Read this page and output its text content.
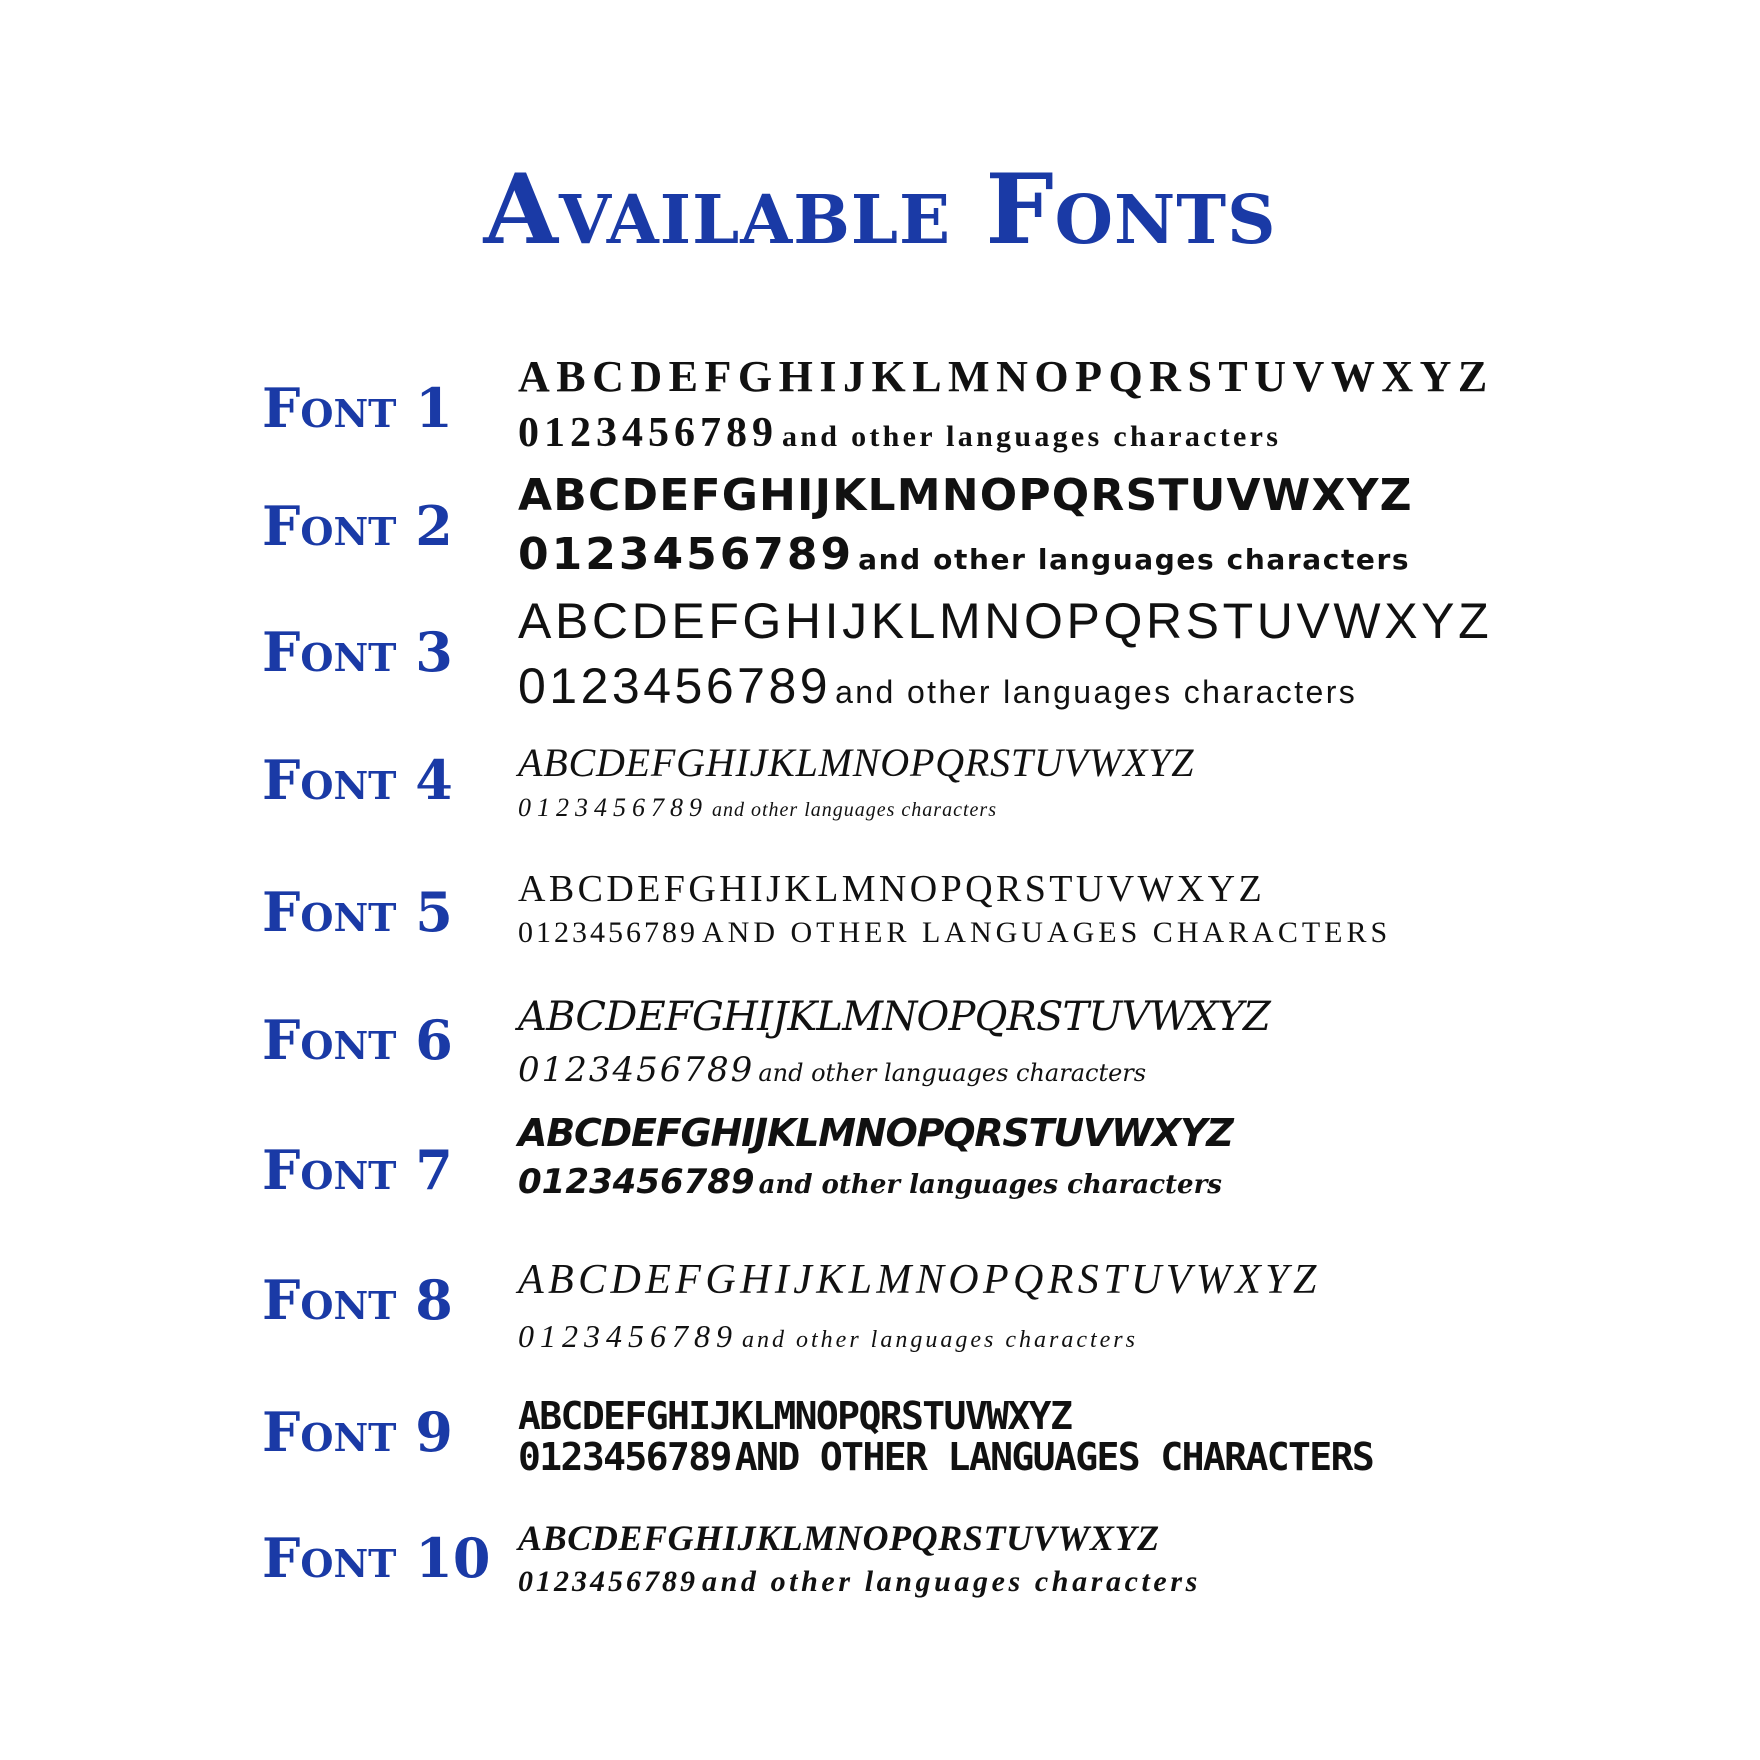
Available Fonts
Font 1 ABCDEFGHIJKLMNOPQRSTUVWXYZ
0123456789 and other languages characters
Font 2 ABCDEFGHIJKLMNOPQRSTUVWXYZ
0123456789 and other languages characters
Font 3 ABCDEFGHIJKLMNOPQRSTUVWXYZ
0123456789 and other languages characters
Font 4 ABCDEFGHIJKLMNOPQRSTUVWXYZ
0123456789 and other languages characters
Font 5 ABCDEFGHIJKLMNOPQRSTUVWXYZ
0123456789 AND OTHER LANGUAGES CHARACTERS
Font 6 ABCDEFGHIJKLMNOPQRSTUVWXYZ
0123456789 and other languages characters
Font 7
ABCDEFGHIJKLMNOPQRSTUVWXYZ
0123456789 and other languages characters
Font 8 ABCDEFGHIJKLMNOPQRSTUVWXYZ
0123456789 and other languages characters
Font 9 ABCDEFGHIJKLMNOPQRSTUVWXYZ
0123456789 AND OTHER LANGUAGES CHARACTERS
Font 10 ABCDEFGHIJKLMNOPQRSTUVWXYZ
0123456789 and other languages characters
